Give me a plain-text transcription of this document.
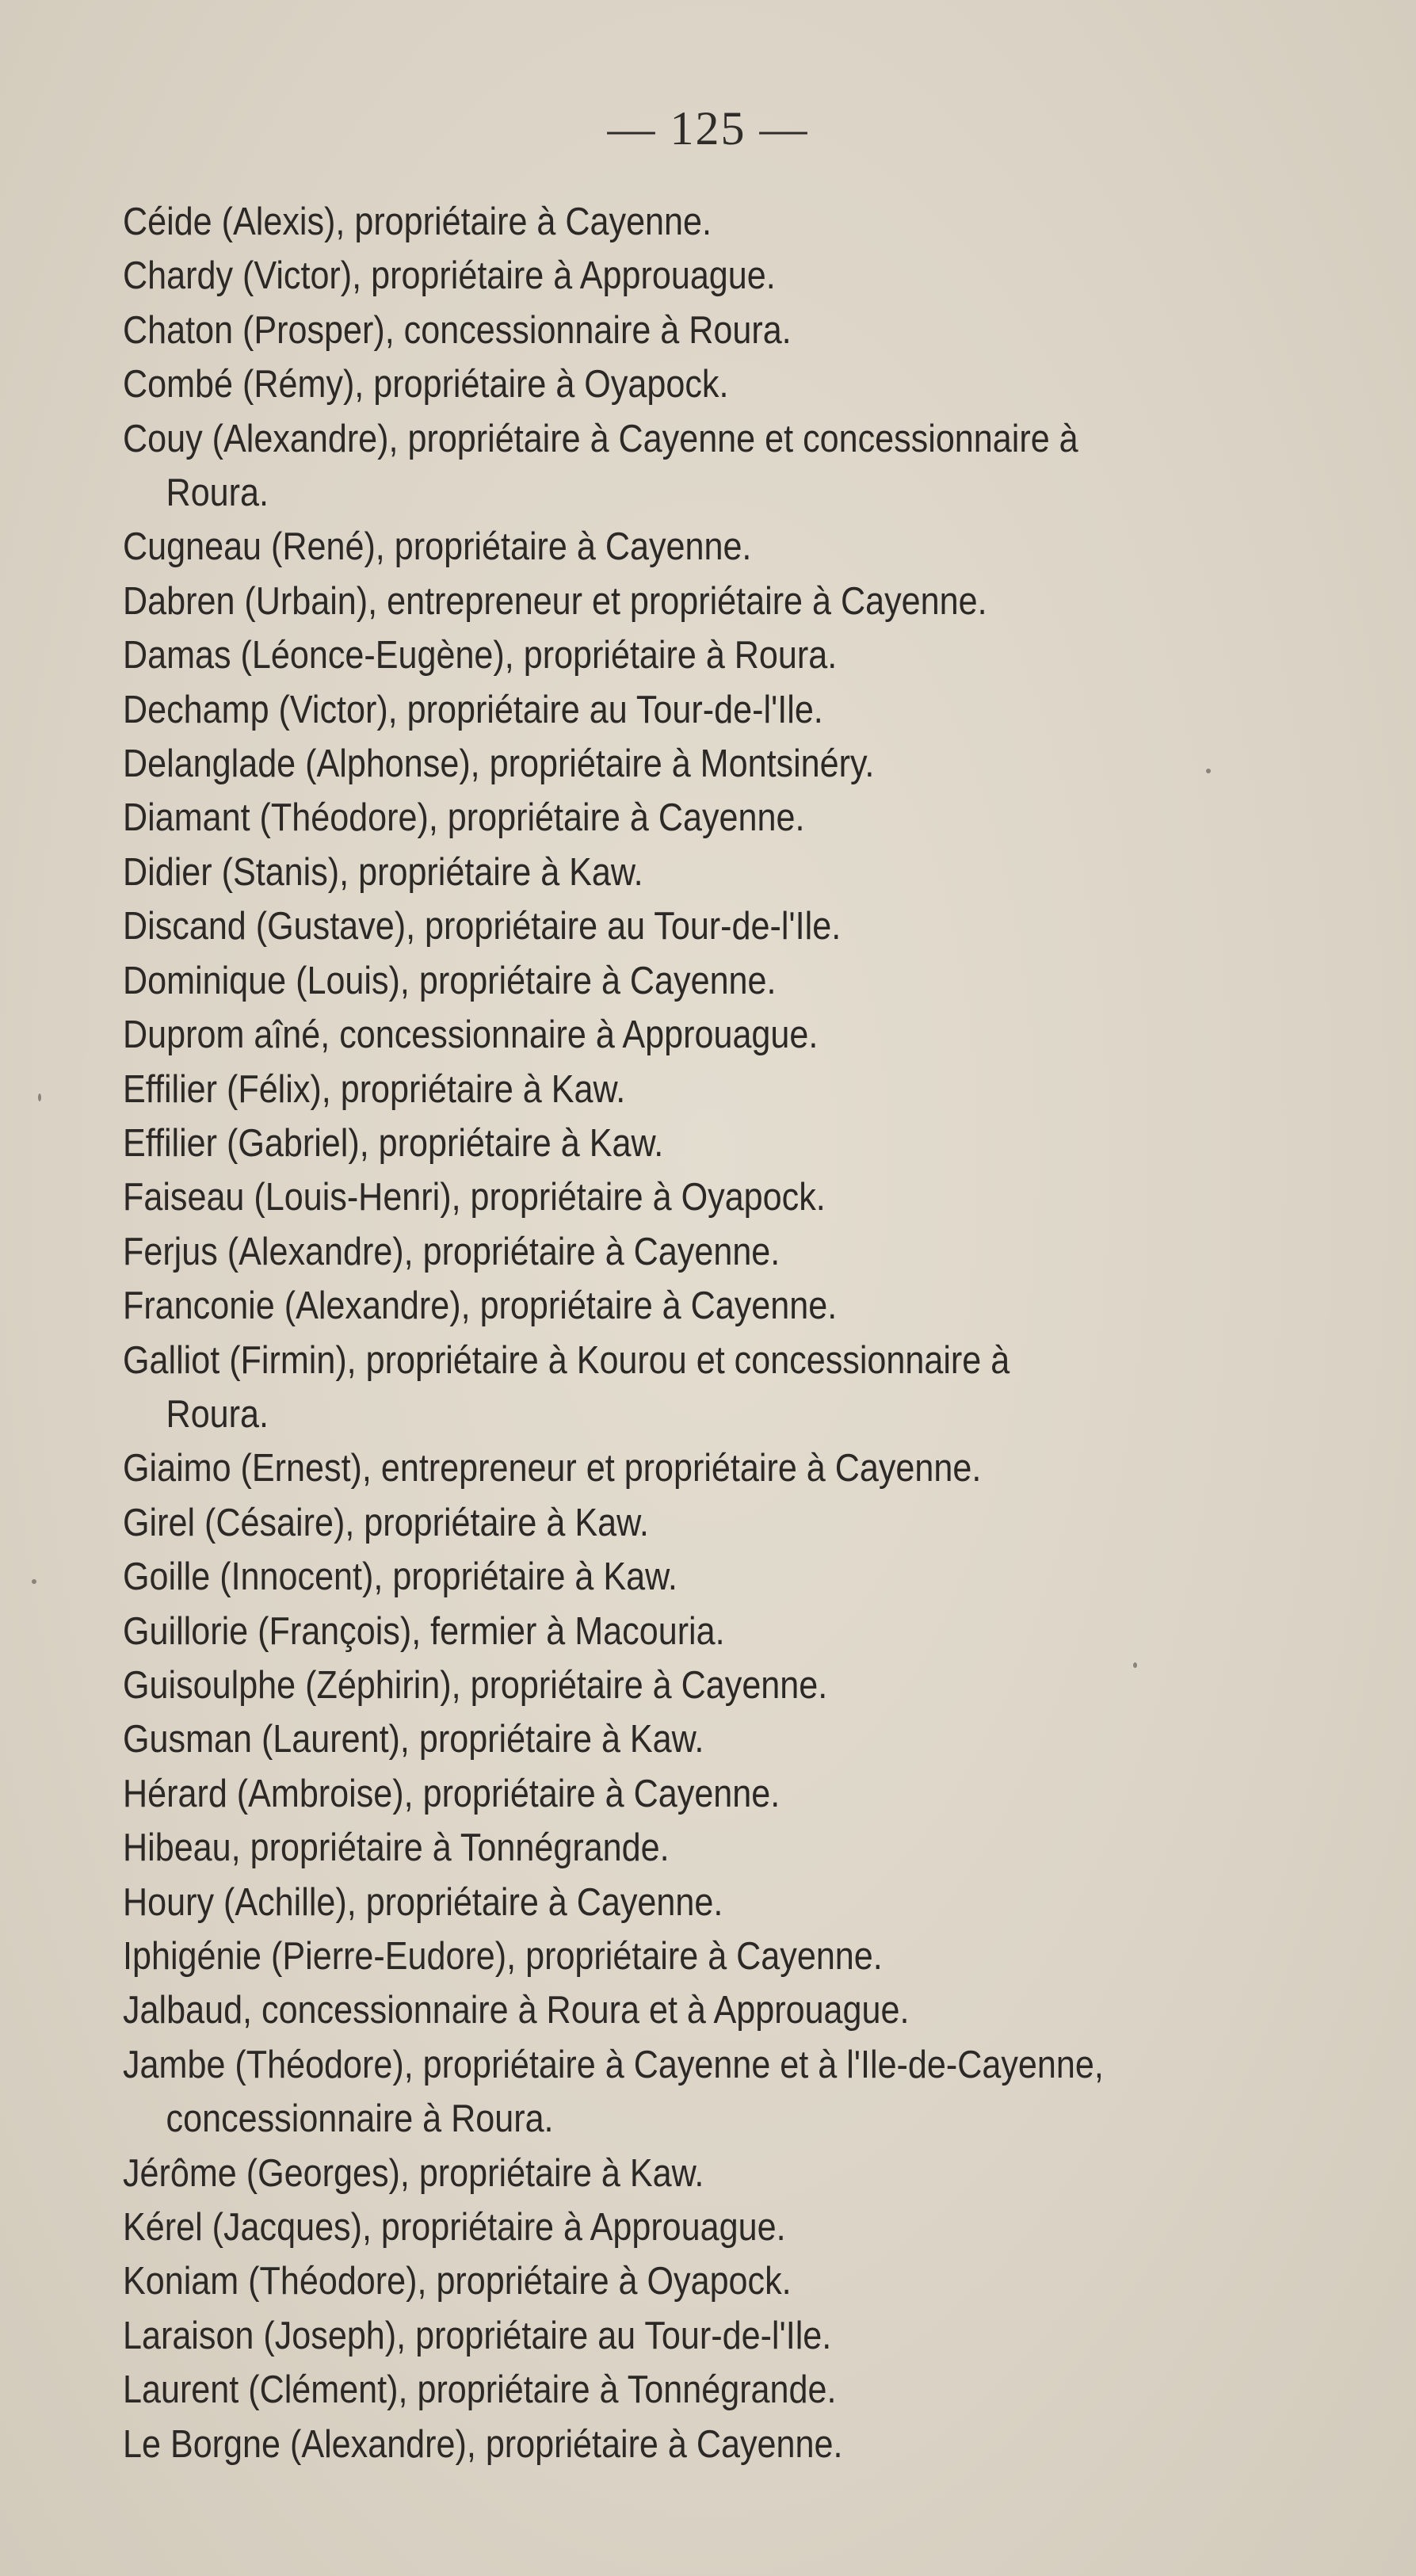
— 125 —
Céide (Alexis), propriétaire à Cayenne.
Chardy (Victor), propriétaire à Approuague.
Chaton (Prosper), concessionnaire à Roura.
Combé (Rémy), propriétaire à Oyapock.
Couy (Alexandre), propriétaire à Cayenne et concessionnaire à
Roura.
Cugneau (René), propriétaire à Cayenne.
Dabren (Urbain), entrepreneur et propriétaire à Cayenne.
Damas (Léonce-Eugène), propriétaire à Roura.
Dechamp (Victor), propriétaire au Tour-de-l'Ile.
Delanglade (Alphonse), propriétaire à Montsinéry.
Diamant (Théodore), propriétaire à Cayenne.
Didier (Stanis), propriétaire à Kaw.
Discand (Gustave), propriétaire au Tour-de-l'Ile.
Dominique (Louis), propriétaire à Cayenne.
Duprom aîné, concessionnaire à Approuague.
Effilier (Félix), propriétaire à Kaw.
Effilier (Gabriel), propriétaire à Kaw.
Faiseau (Louis-Henri), propriétaire à Oyapock.
Ferjus (Alexandre), propriétaire à Cayenne.
Franconie (Alexandre), propriétaire à Cayenne.
Galliot (Firmin), propriétaire à Kourou et concessionnaire à
Roura.
Giaimo (Ernest), entrepreneur et propriétaire à Cayenne.
Girel (Césaire), propriétaire à Kaw.
Goille (Innocent), propriétaire à Kaw.
Guillorie (François), fermier à Macouria.
Guisoulphe (Zéphirin), propriétaire à Cayenne.
Gusman (Laurent), propriétaire à Kaw.
Hérard (Ambroise), propriétaire à Cayenne.
Hibeau, propriétaire à Tonnégrande.
Houry (Achille), propriétaire à Cayenne.
Iphigénie (Pierre-Eudore), propriétaire à Cayenne.
Jalbaud, concessionnaire à Roura et à Approuague.
Jambe (Théodore), propriétaire à Cayenne et à l'Ile-de-Cayenne,
concessionnaire à Roura.
Jérôme (Georges), propriétaire à Kaw.
Kérel (Jacques), propriétaire à Approuague.
Koniam (Théodore), propriétaire à Oyapock.
Laraison (Joseph), propriétaire au Tour-de-l'Ile.
Laurent (Clément), propriétaire à Tonnégrande.
Le Borgne (Alexandre), propriétaire à Cayenne.
